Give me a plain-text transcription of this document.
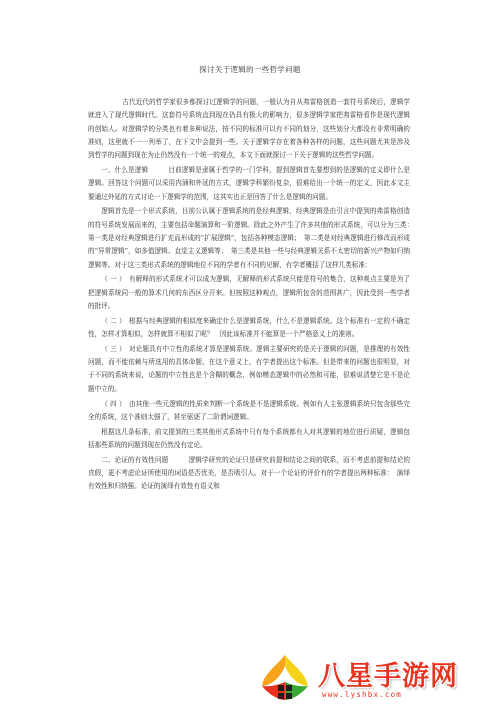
探讨关于逻辑的一些哲学问题

古代近代的哲学家很多都探讨过逻辑学的问题，一般认为自从弗雷格创造一套符号系统后，逻辑学就进入了现代逻辑时代。这套符号系统直到现在仍具有极大的影响力，很多逻辑学家把弗雷格看作是现代逻辑的创始人。对逻辑学的分类也有着多种说法，按不同的标准可以有不同的划分，这些划分大都没有非常明确的准则，这里就不一一列举了，在下文中会提到一些。关于逻辑学存在着各种各样的问题，这些问题尤其是涉及到哲学的问题到现在为止仍然没有一个统一的观点，本文下面就探讨一下关于逻辑的这些哲学问题。

一、什么是逻辑　　　目前逻辑是隶属于哲学的一门学科，提到逻辑首先要想到的是逻辑的定义即什么是逻辑。回答这个问题可以采用内涵和外延的方式，逻辑学科繁纷复杂，很难给出一个统一的定义，因此本文主要通过外延的方式讨论一下逻辑学的范围，这其实也正是回答了什么是逻辑的问题。

逻辑首先是一个形式系统，目前公认属于逻辑系统的是经典逻辑，经典逻辑是由引言中提到的弗雷格创造的符号系统发展而来的，主要包括命题演算和一阶逻辑。除此之外产生了许多其他的形式系统，可以分为三类：　第一类是对经典逻辑进行扩充而形成的“扩展逻辑”，包括各种模态逻辑；　第二类是对经典逻辑进行修改而形成的“异常逻辑”，如多值逻辑、直觉主义逻辑等；　第三类是其他一些与经典逻辑关系不太密切的新兴产物如归纳逻辑等。对于这三类形式系统的逻辑地位不同的学者有不同的见解，有学者概括了这样几类标准：

（ 一 ）　有解释的形式系统才可以成为逻辑，无解释的形式系统只能是符号的集合，这种观点主要是为了把逻辑系统同一般的算术几何的东西区分开来。但按照这种观点，逻辑所包含的范围甚广，因此受到一些学者的批评。

（ 二 ）　根据与经典逻辑的相似度来确定什么是逻辑系统，什么不是逻辑系统。这个标准有一定的不确定性，怎样才算相似，怎样就算不相似了呢？　因此该标准并不能算是一个严格意义上的准则。

（ 三 ）　对论题具有中立性的系统才算是逻辑系统。逻辑主要研究的是关于逻辑的问题，是推理的有效性问题，而不能依赖与所选用的具体命题，在这个意义上，有学者提出这个标准。但是带来的问题也很明显，对于不同的系统来说，论题的中立性也是个含糊的概念，例如模态逻辑中的必然和可能，很难说清楚它是不是论题中立的。

（ 四 ）　由其他一些元逻辑的性质来判断一个系统是不是逻辑系统。例如有人主张逻辑系统只包含那些完全的系统，这个准则太强了，甚至驱逐了二阶谓词逻辑。

根据这几条标准，前文提到的三类其他形式系统中只有每个系统都有人对其逻辑的地位进行质疑，逻辑包括那些系统的问题到现在仍然没有定论。

二、论证的有效性问题　　　逻辑学研究的论证只是研究前提和结论之间的联系，而不考虑前提和结论的真假，更不考虑论证所使用的词语是否优美，是否吸引人。对于一个论证的评价有的学者提出两种标准：　演绎有效性和归纳强。论证的演绎有效性有语义和

八星手游网
www.lyshbx.com
